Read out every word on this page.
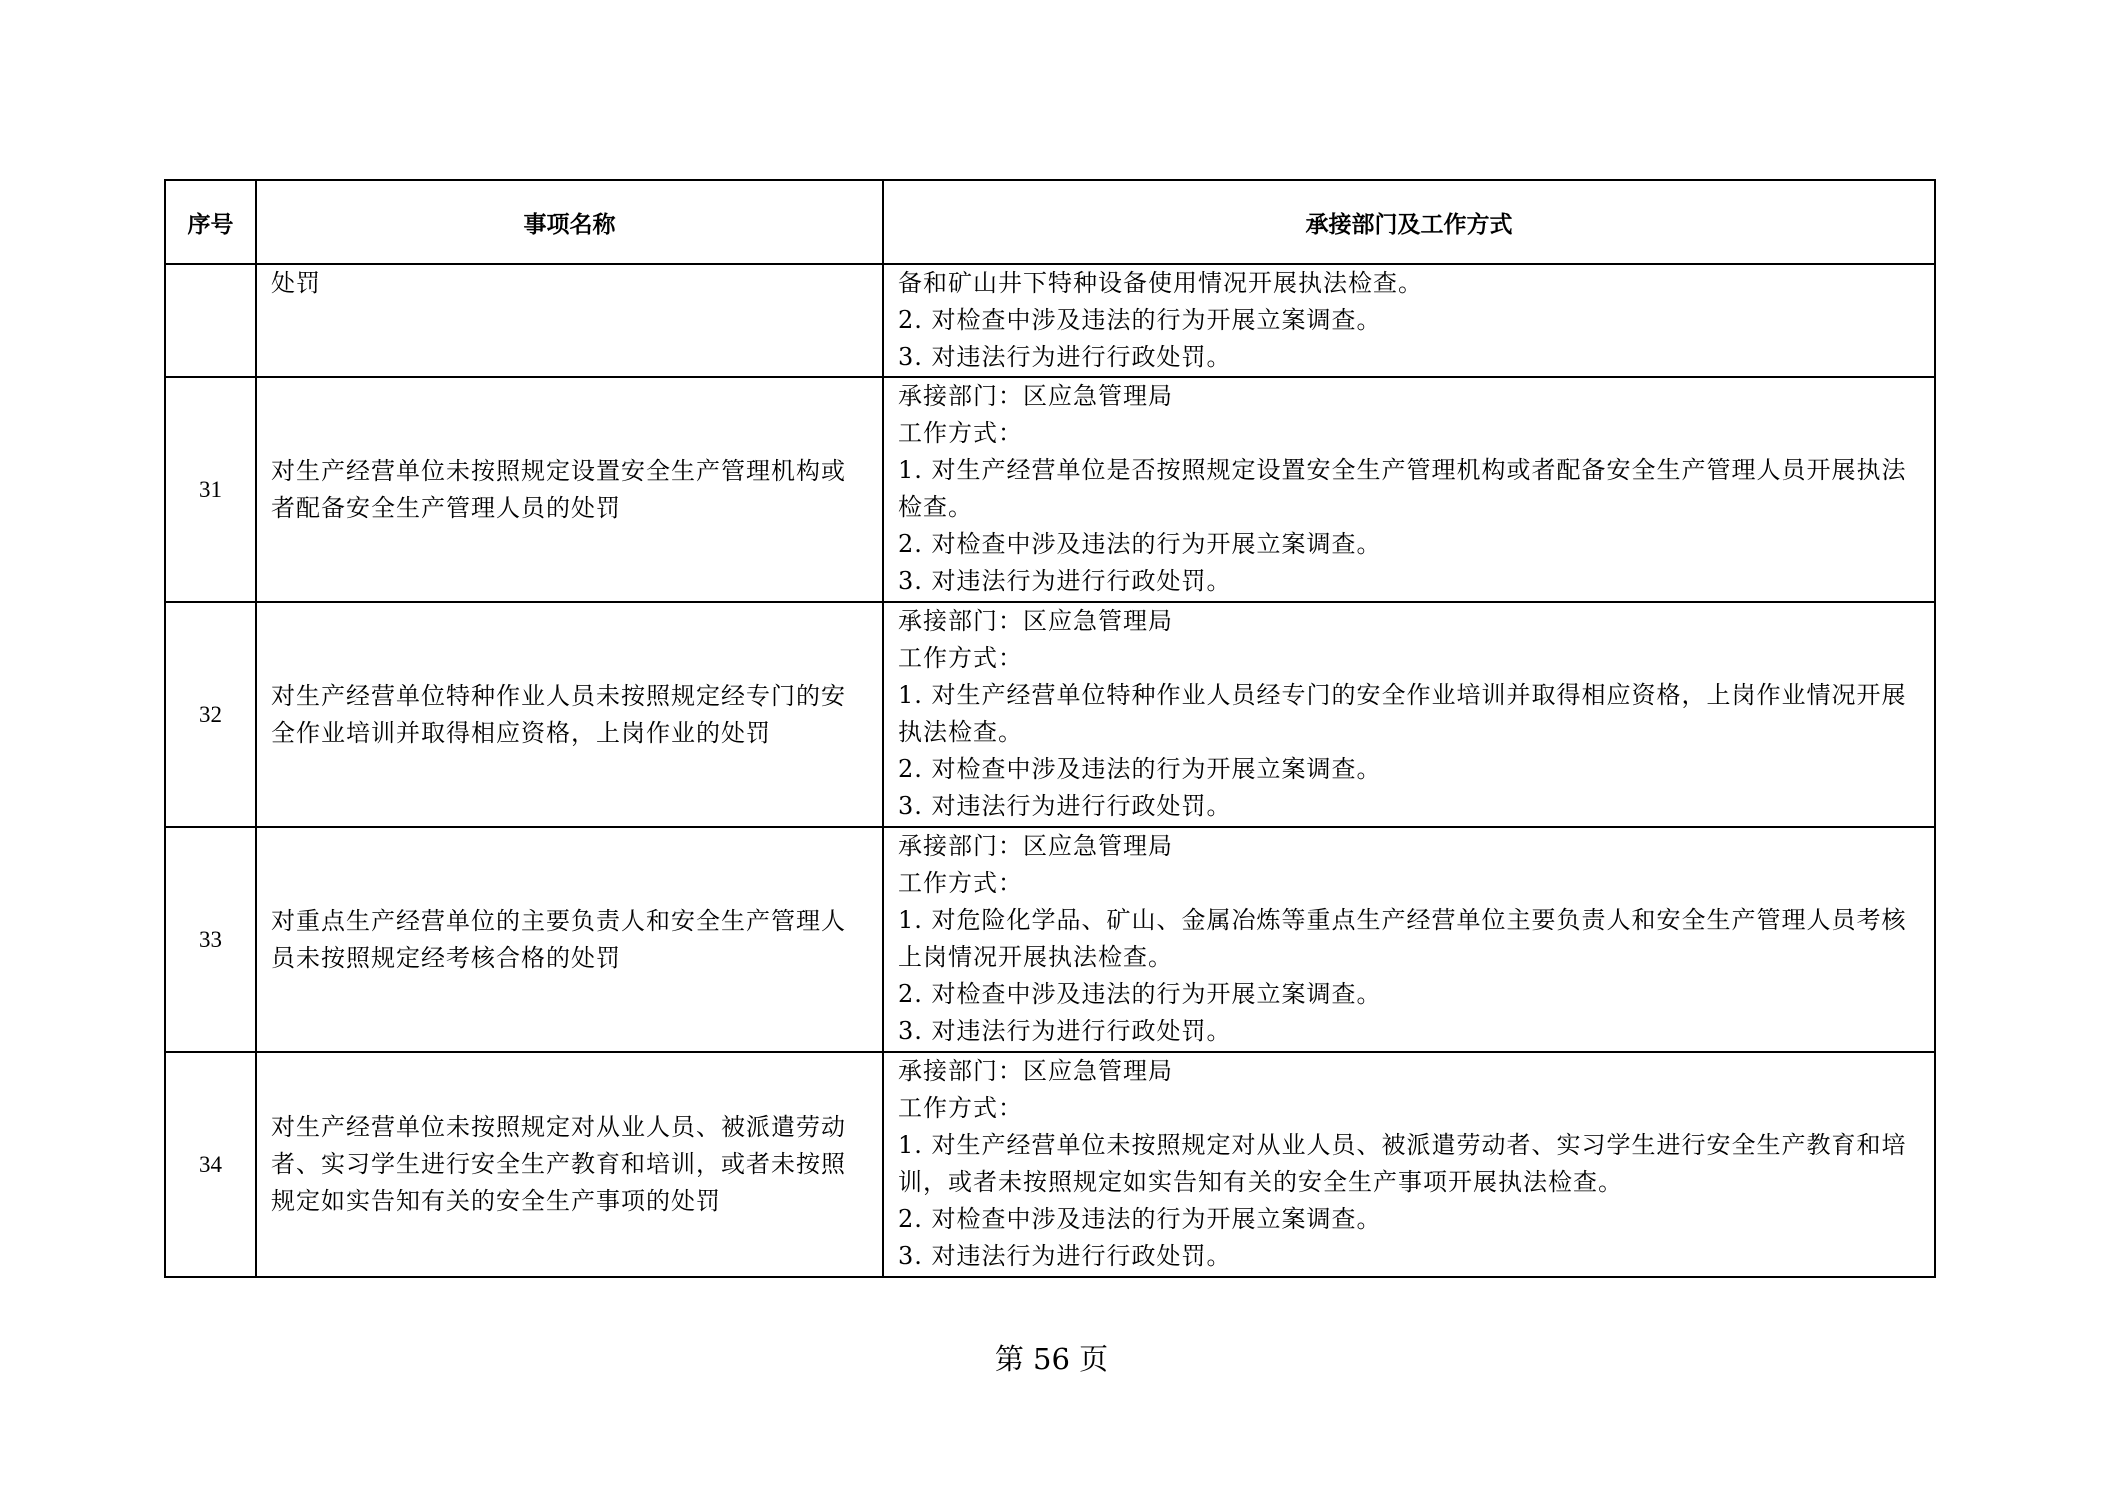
序号	事项名称	承接部门及工作方式
	处罚	备和矿山井下特种设备使用情况开展执法检查。
2. 对检查中涉及违法的行为开展立案调查。
3. 对违法行为进行行政处罚。

31	对生产经营单位未按照规定设置安全生产管理机构或者配备安全生产管理人员的处罚	承接部门：区应急管理局
工作方式：
1. 对生产经营单位是否按照规定设置安全生产管理机构或者配备安全生产管理人员开展执法检查。
2. 对检查中涉及违法的行为开展立案调查。
3. 对违法行为进行行政处罚。

32	对生产经营单位特种作业人员未按照规定经专门的安全作业培训并取得相应资格，上岗作业的处罚	承接部门：区应急管理局
工作方式：
1. 对生产经营单位特种作业人员经专门的安全作业培训并取得相应资格，上岗作业情况开展执法检查。
2. 对检查中涉及违法的行为开展立案调查。
3. 对违法行为进行行政处罚。

33	对重点生产经营单位的主要负责人和安全生产管理人员未按照规定经考核合格的处罚	承接部门：区应急管理局
工作方式：
1. 对危险化学品、矿山、金属冶炼等重点生产经营单位主要负责人和安全生产管理人员考核上岗情况开展执法检查。
2. 对检查中涉及违法的行为开展立案调查。
3. 对违法行为进行行政处罚。

34	对生产经营单位未按照规定对从业人员、被派遣劳动者、实习学生进行安全生产教育和培训，或者未按照规定如实告知有关的安全生产事项的处罚	承接部门：区应急管理局
工作方式：
1. 对生产经营单位未按照规定对从业人员、被派遣劳动者、实习学生进行安全生产教育和培训，或者未按照规定如实告知有关的安全生产事项开展执法检查。
2. 对检查中涉及违法的行为开展立案调查。
3. 对违法行为进行行政处罚。
第 56 页
